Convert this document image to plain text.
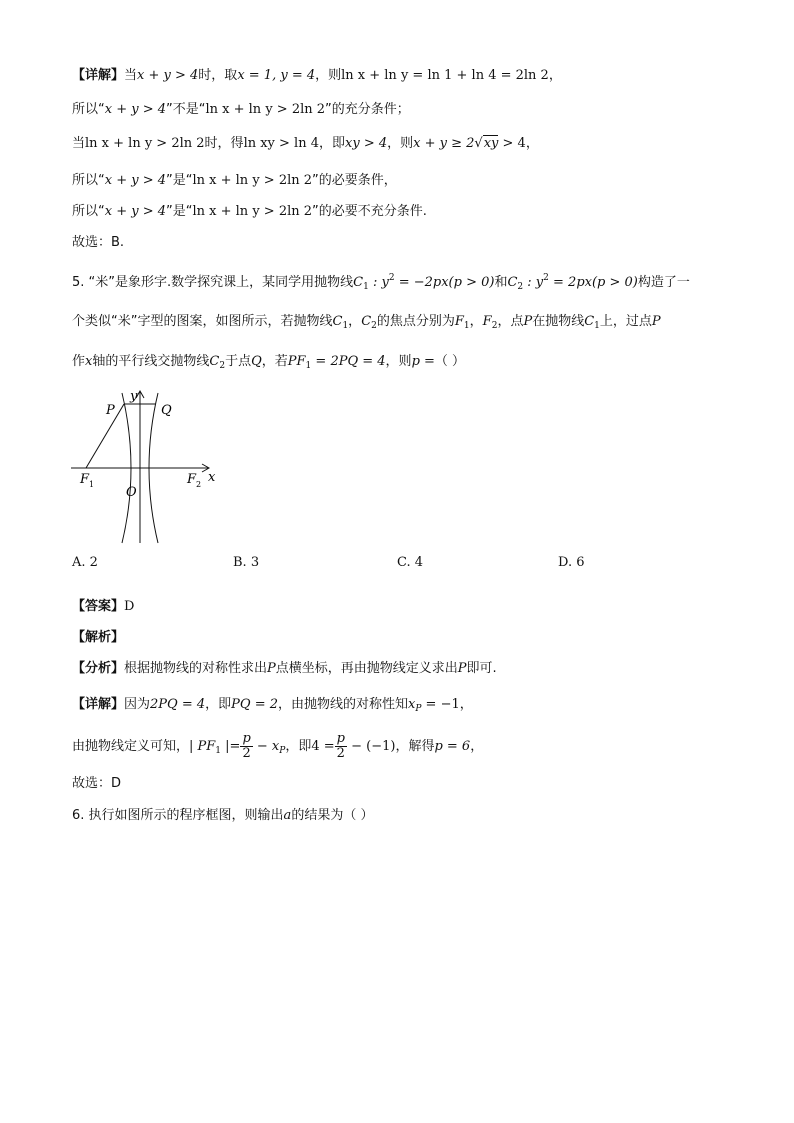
【详解】当x + y > 4时，取x = 1, y = 4，则ln x + ln y = ln 1 + ln 4 = 2ln 2，
所以“x + y > 4”不是“ln x + ln y > 2ln 2”的充分条件；
当ln x + ln y > 2ln 2时，得ln xy > ln 4，即xy > 4，则x + y ≥ 2√xy > 4，
所以“x + y > 4”是“ln x + ln y > 2ln 2”的必要条件，
所以“x + y > 4”是“ln x + ln y > 2ln 2”的必要不充分条件.
故选：B.
5. “米”是象形字.数学探究课上，某同学用抛物线$C_1$ : $y^2 = -2px(p > 0)$和$C_2$ : $y^2 = 2px(p > 0)$构造了一
个类似“米”字型的图案，如图所示，若抛物线$C_1$，$C_2$的焦点分别为$F_1$，$F_2$，点P在抛物线$C_1$上，过点P
作x轴的平行线交抛物线$C_2$于点Q，若$PF_1 = 2PQ = 4$，则p =（ ）
P	Q
y
x
O
F 1	F 2
A. 2	B. 3	C. 4	D. 6
【答案】D
【解析】
【分析】根据抛物线的对称性求出P点横坐标，再由抛物线定义求出P即可.
【详解】因为2PQ = 4，即PQ = 2，由抛物线的对称性知$x_P = -1$，
由抛物线定义可知，| $PF_1$ |= $\frac{p}{2} - x_P$，即$4 = \frac{p}{2} - (-1)$，解得p = 6，
故选：D
6. 执行如图所示的程序框图，则输出a的结果为（ ）
